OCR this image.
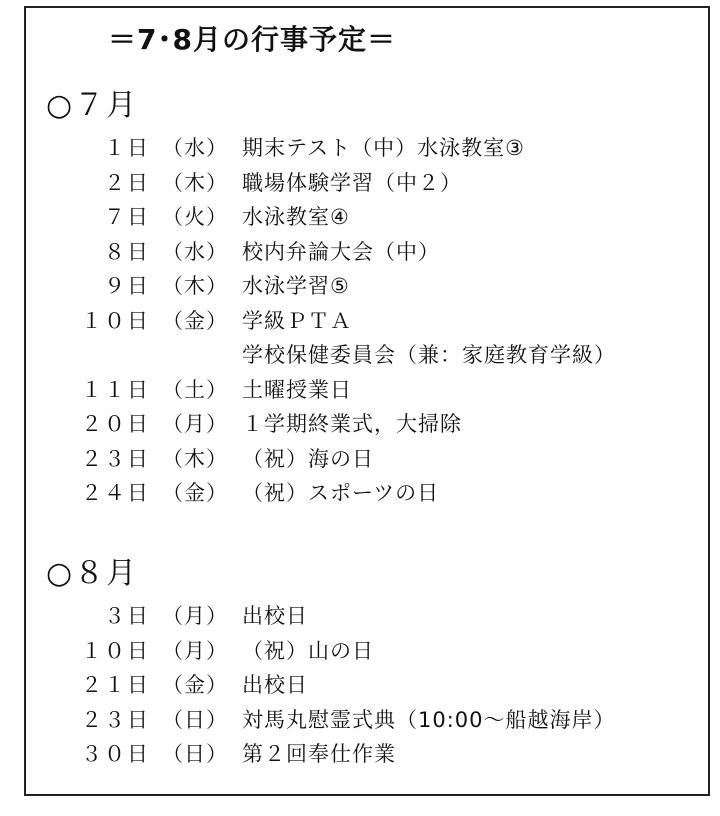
＝7･8月の行事予定＝
○７月
１日 （水） 期末テスト（中）水泳教室③
２日 （木） 職場体験学習（中２）
７日 （火） 水泳教室④
８日 （水） 校内弁論大会（中）
９日 （木） 水泳学習⑤
１０日 （金） 学級ＰＴＡ
学校保健委員会（兼：家庭教育学級）
１１日 （土） 土曜授業日
２０日 （月） １学期終業式，大掃除
２３日 （木） （祝）海の日
２４日 （金） （祝）スポーツの日
○８月
３日 （月） 出校日
１０日 （月） （祝）山の日
２１日 （金） 出校日
２３日 （日） 対馬丸慰霊式典（10:00～船越海岸）
３０日 （日） 第２回奉仕作業
